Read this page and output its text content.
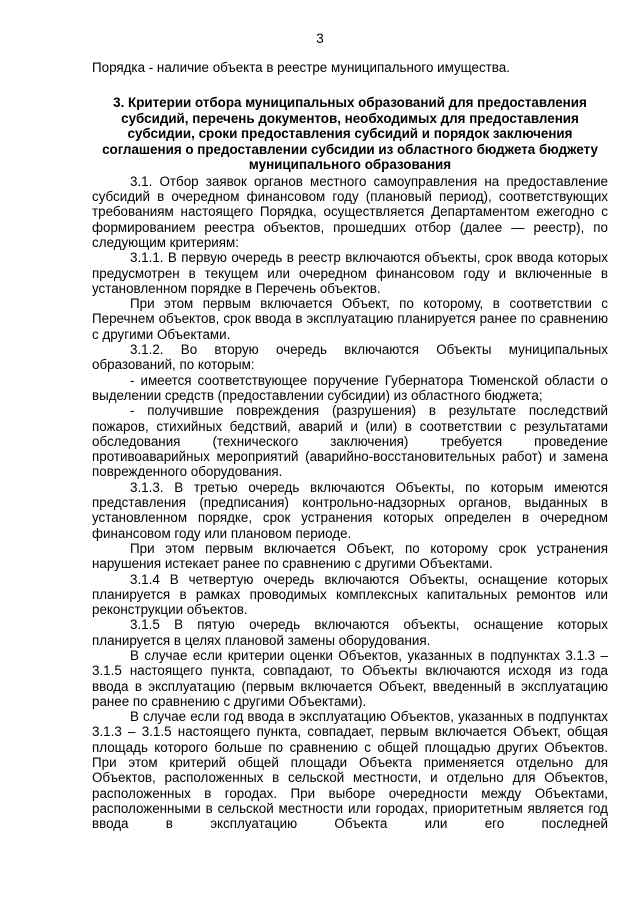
3

Порядка - наличие объекта в реестре муниципального имущества.

3. Критерии отбора муниципальных образований для предоставления субсидий, перечень документов, необходимых для предоставления субсидии, сроки предоставления субсидий и порядок заключения соглашения о предоставлении субсидии из областного бюджета бюджету муниципального образования

3.1. Отбор заявок органов местного самоуправления на предоставление субсидий в очередном финансовом году (плановый период), соответствующих требованиям настоящего Порядка, осуществляется Департаментом ежегодно с формированием реестра объектов, прошедших отбор (далее — реестр), по следующим критериям:

3.1.1. В первую очередь в реестр включаются объекты, срок ввода которых предусмотрен в текущем или очередном финансовом году и включенные в установленном порядке в Перечень объектов.

При этом первым включается Объект, по которому, в соответствии с Перечнем объектов, срок ввода в эксплуатацию планируется ранее по сравнению с другими Объектами.

3.1.2. Во вторую очередь включаются Объекты муниципальных образований, по которым:

- имеется соответствующее поручение Губернатора Тюменской области о выделении средств (предоставлении субсидии) из областного бюджета;

- получившие повреждения (разрушения) в результате последствий пожаров, стихийных бедствий, аварий и (или) в соответствии с результатами обследования (технического заключения) требуется проведение противоаварийных мероприятий (аварийно-восстановительных работ) и замена поврежденного оборудования.

3.1.3. В третью очередь включаются Объекты, по которым имеются представления (предписания) контрольно-надзорных органов, выданных в установленном порядке, срок устранения которых определен в очередном финансовом году или плановом периоде.

При этом первым включается Объект, по которому срок устранения нарушения истекает ранее по сравнению с другими Объектами.

3.1.4 В четвертую очередь включаются Объекты, оснащение которых планируется в рамках проводимых комплексных капитальных ремонтов или реконструкции объектов.

3.1.5 В пятую очередь включаются объекты, оснащение которых планируется в целях плановой замены оборудования.

В случае если критерии оценки Объектов, указанных в подпунктах 3.1.3 – 3.1.5 настоящего пункта, совпадают, то Объекты включаются исходя из года ввода в эксплуатацию (первым включается Объект, введенный в эксплуатацию ранее по сравнению с другими Объектами).

В случае если год ввода в эксплуатацию Объектов, указанных в подпунктах 3.1.3 – 3.1.5 настоящего пункта, совпадает, первым включается Объект, общая площадь которого больше по сравнению с общей площадью других Объектов. При этом критерий общей площади Объекта применяется отдельно для Объектов, расположенных в сельской местности, и отдельно для Объектов, расположенных в городах. При выборе очередности между Объектами, расположенными в сельской местности или городах, приоритетным является год ввода в эксплуатацию Объекта или его последней
